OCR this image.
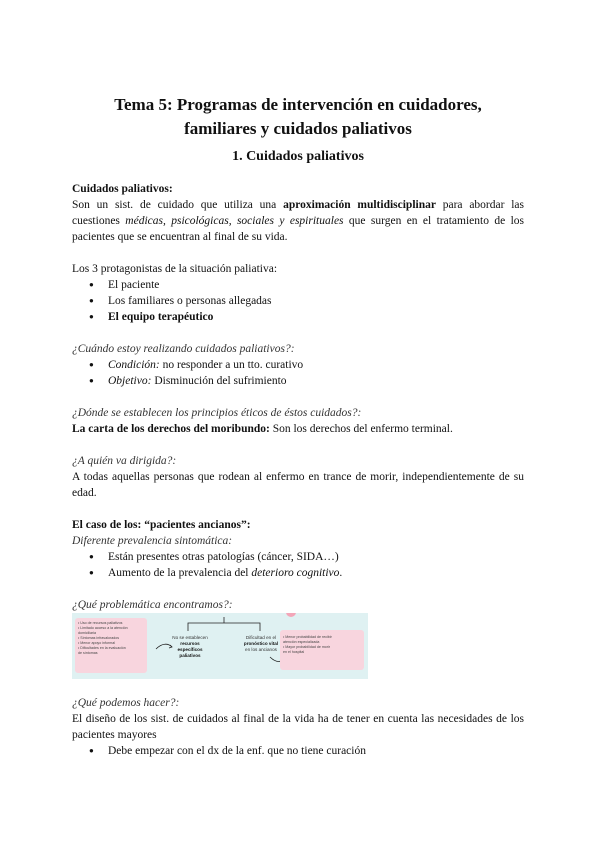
Tema 5: Programas de intervención en cuidadores,
familiares y cuidados paliativos
1. Cuidados paliativos

Cuidados paliativos:

Son un sist. de cuidado que utiliza una aproximación multidisciplinar para abordar las cuestiones médicas, psicológicas, sociales y espirituales que surgen en el tratamiento de los pacientes que se encuentran al final de su vida.

Los 3 protagonistas de la situación paliativa:

● El paciente
● Los familiares o personas allegadas
● El equipo terapéutico

¿Cuándo estoy realizando cuidados paliativos?:

● Condición: no responder a un tto. curativo
● Objetivo: Disminución del sufrimiento

¿Dónde se establecen los principios éticos de éstos cuidados?:

La carta de los derechos del moribundo: Son los derechos del enfermo terminal.

¿A quién va dirigida?:

A todas aquellas personas que rodean al enfermo en trance de morir, independientemente de su edad.

El caso de los: “pacientes ancianos”:

Diferente prevalencia sintomática:

● Están presentes otras patologías (cáncer, SIDA…)
● Aumento de la prevalencia del deterioro cognitivo.

¿Qué problemática encontramos?:

• Uso de recursos paliativos
• Limitado acceso a la atención
domiciliaria
• Síntomas infravalorados
• Menor apoyo informal
• Dificultades en la evaluación
de síntomas
No se establecen
recursos
específicos
paliativos
Dificultad en el
pronóstico vital
en los ancianos
• Menor probabilidad de recibir
atención especializada
• Mayor probabilidad de morir
en el hospital

¿Qué podemos hacer?:

El diseño de los sist. de cuidados al final de la vida ha de tener en cuenta las necesidades de los pacientes mayores

● Debe empezar con el dx de la enf. que no tiene curación
